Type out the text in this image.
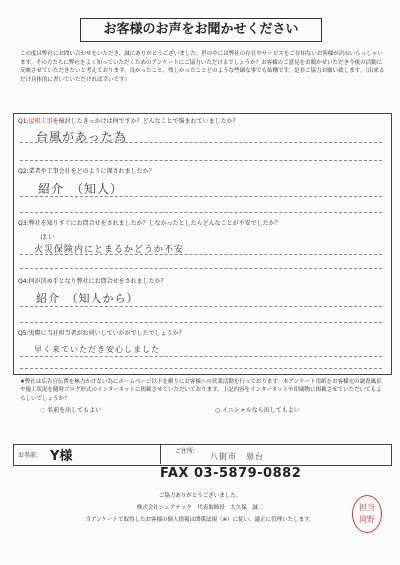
お客様のお声をお聞かせください
この度は弊社にお問い合わせをいただき、誠にありがとうございました。世の中には弊社の存在やサービスをご存知ないお客様が沢山いらっしゃいます。その方たちに弊社をよく知っていただくためのアンケートにご協力いただけるでしょうか？お客様のご意見をお聞かせいただき今後の活動に反映させていただきたいと考えております。良かったこと、残しかったことどのような些細な事でも結構です。是非ご協力お願い致します。（出来るだけ具体的に書いていただければ幸いです）
Q1:屋根工事を検討したきっかけは何ですか？どんなことで悩まれていましたか？
台風があった為
Q2:業者や工事会社をどのように探されましたか？
紹介　（知人）
Q3:弊社を知りすぐにお問合せをされましたか？しなかったとしたらどんなことが不安でしたか？
はい
火災保険内にとまるかどうか不安
Q4:何が決め手となり弊社にお問合せをされましたか？
紹介　（知人から）
Q5:実際に当社担当者がお伺いしていかがでしたでしょうか？
早く来ていただき安心しました
★弊社は広告宣伝費を極力かけない為にホームページ以下を頼りにお客様への営業活動を行っております。本アンケート用紙をお客様宅の調査風景や施工状況を随時ブログ形式のインターネットに掲載させていただいております。上記内容をインターネットや印刷物に掲載させていただいてもよろしいでしょうか？
○ 名前を出してもよい	○ イニシャルなら出してもよい
お名前: Y様	ご住所:
八街市　泉台
FAX 03-5879-0882
ご協力ありがとうございました。
株式会社シェアテック　代表取締役　大久保　誠二
当アンケートで取得したお客様の個人情報は関係法規（※）に従い、適正に管理いたします。
担当　岡野
